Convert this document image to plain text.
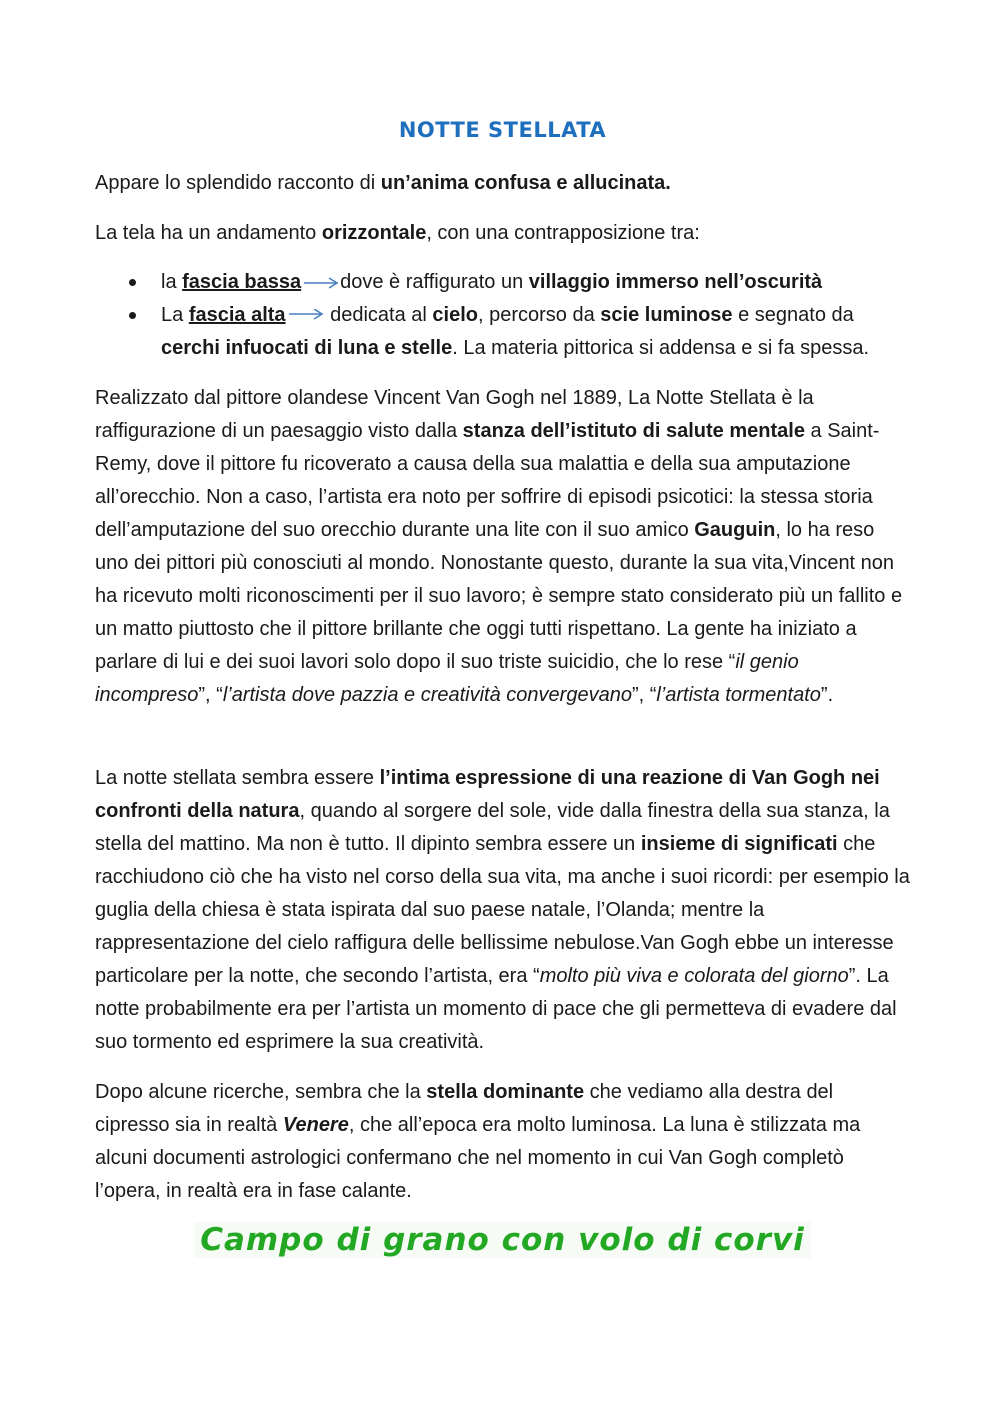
NOTTE STELLATA

Appare lo splendido racconto di un’anima confusa e allucinata.

La tela ha un andamento orizzontale, con una contrapposizione tra:

la fascia bassa dove è raffigurato un villaggio immerso nell’oscurità
La fascia alta
dedicata al cielo, percorso da scie luminose e segnato da cerchi infuocati di luna e stelle. La materia pittorica si addensa e si fa spessa.

Realizzato dal pittore olandese Vincent Van Gogh nel 1889, La Notte Stellata è la raffigurazione di un paesaggio visto dalla stanza dell’istituto di salute mentale a Saint-Remy, dove il pittore fu ricoverato a causa della sua malattia e della sua amputazione all’orecchio. Non a caso, l’artista era noto per soffrire di episodi psicotici: la stessa storia dell’amputazione del suo orecchio durante una lite con il suo amico Gauguin, lo ha reso uno dei pittori più conosciuti al mondo. Nonostante questo, durante la sua vita,Vincent non ha ricevuto molti riconoscimenti per il suo lavoro; è sempre stato considerato più un fallito e un matto piuttosto che il pittore brillante che oggi tutti rispettano. La gente ha iniziato a parlare di lui e dei suoi lavori solo dopo il suo triste suicidio, che lo rese “il genio incompreso”, “l’artista dove pazzia e creatività convergevano”, “l’artista tormentato”.

La notte stellata sembra essere l’intima espressione di una reazione di Van Gogh nei confronti della natura, quando al sorgere del sole, vide dalla finestra della sua stanza, la stella del mattino. Ma non è tutto. Il dipinto sembra essere un insieme di significati che racchiudono ciò che ha visto nel corso della sua vita, ma anche i suoi ricordi: per esempio la guglia della chiesa è stata ispirata dal suo paese natale, l’Olanda; mentre la rappresentazione del cielo raffigura delle bellissime nebulose.Van Gogh ebbe un interesse particolare per la notte, che secondo l’artista, era “molto più viva e colorata del giorno”. La notte probabilmente era per l’artista un momento di pace che gli permetteva di evadere dal suo tormento ed esprimere la sua creatività.

Dopo alcune ricerche, sembra che la stella dominante che vediamo alla destra del cipresso sia in realtà Venere, che all’epoca era molto luminosa. La luna è stilizzata ma alcuni documenti astrologici confermano che nel momento in cui Van Gogh completò l’opera, in realtà era in fase calante.

Campo di grano con volo di corvi
